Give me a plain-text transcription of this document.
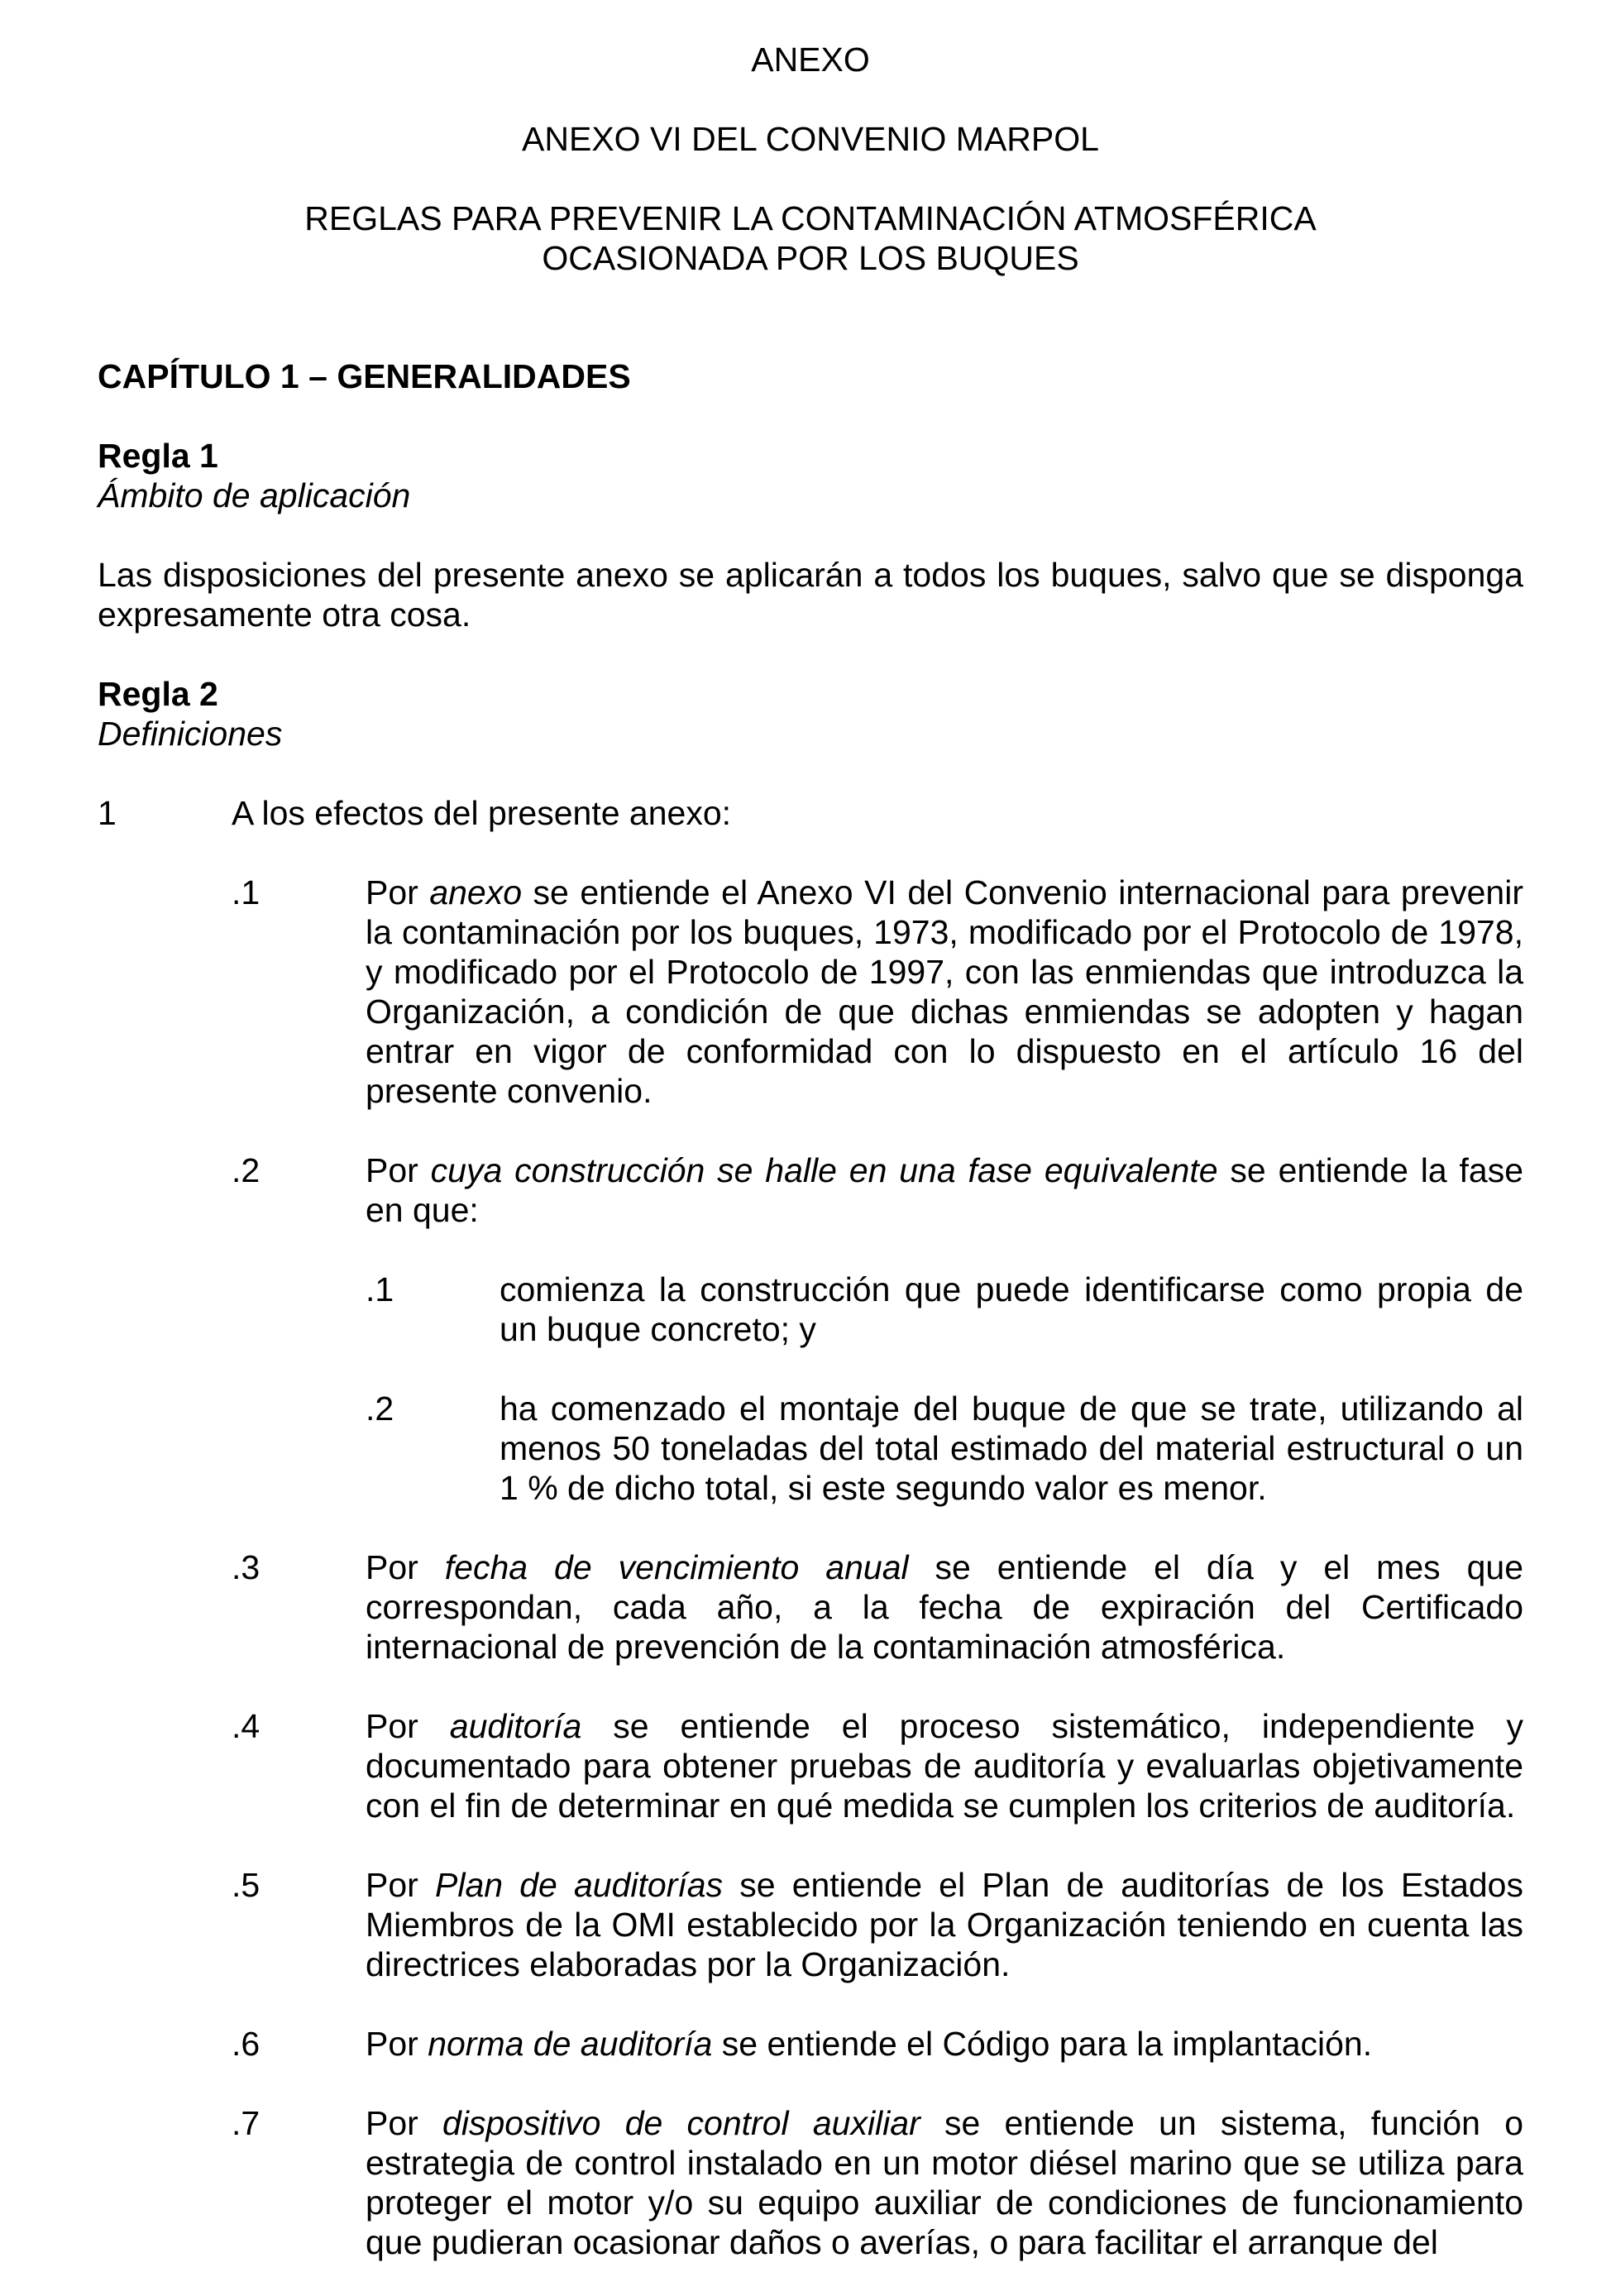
ANEXO
ANEXO VI DEL CONVENIO MARPOL
REGLAS PARA PREVENIR LA CONTAMINACIÓN ATMOSFÉRICA
OCASIONADA POR LOS BUQUES
CAPÍTULO 1 – GENERALIDADES
Regla 1
Ámbito de aplicación
Las disposiciones del presente anexo se aplicarán a todos los buques, salvo que se disponga expresamente otra cosa.
Regla 2
Definiciones
1	A los efectos del presente anexo:
.1	Por anexo se entiende el Anexo VI del Convenio internacional para prevenir la contaminación por los buques, 1973, modificado por el Protocolo de 1978, y modificado por el Protocolo de 1997, con las enmiendas que introduzca la Organización, a condición de que dichas enmiendas se adopten y hagan entrar en vigor de conformidad con lo dispuesto en el artículo 16 del presente convenio.
.2	Por cuya construcción se halle en una fase equivalente se entiende la fase en que:
.1	comienza la construcción que puede identificarse como propia de un buque concreto; y
.2	ha comenzado el montaje del buque de que se trate, utilizando al menos 50 toneladas del total estimado del material estructural o un 1 % de dicho total, si este segundo valor es menor.
.3	Por fecha de vencimiento anual se entiende el día y el mes que correspondan, cada año, a la fecha de expiración del Certificado internacional de prevención de la contaminación atmosférica.
.4	Por auditoría se entiende el proceso sistemático, independiente y documentado para obtener pruebas de auditoría y evaluarlas objetivamente con el fin de determinar en qué medida se cumplen los criterios de auditoría.
.5	Por Plan de auditorías se entiende el Plan de auditorías de los Estados Miembros de la OMI establecido por la Organización teniendo en cuenta las directrices elaboradas por la Organización.
.6	Por norma de auditoría se entiende el Código para la implantación.
.7	Por dispositivo de control auxiliar se entiende un sistema, función o estrategia de control instalado en un motor diésel marino que se utiliza para proteger el motor y/o su equipo auxiliar de condiciones de funcionamiento que pudieran ocasionar daños o averías, o para facilitar el arranque del
